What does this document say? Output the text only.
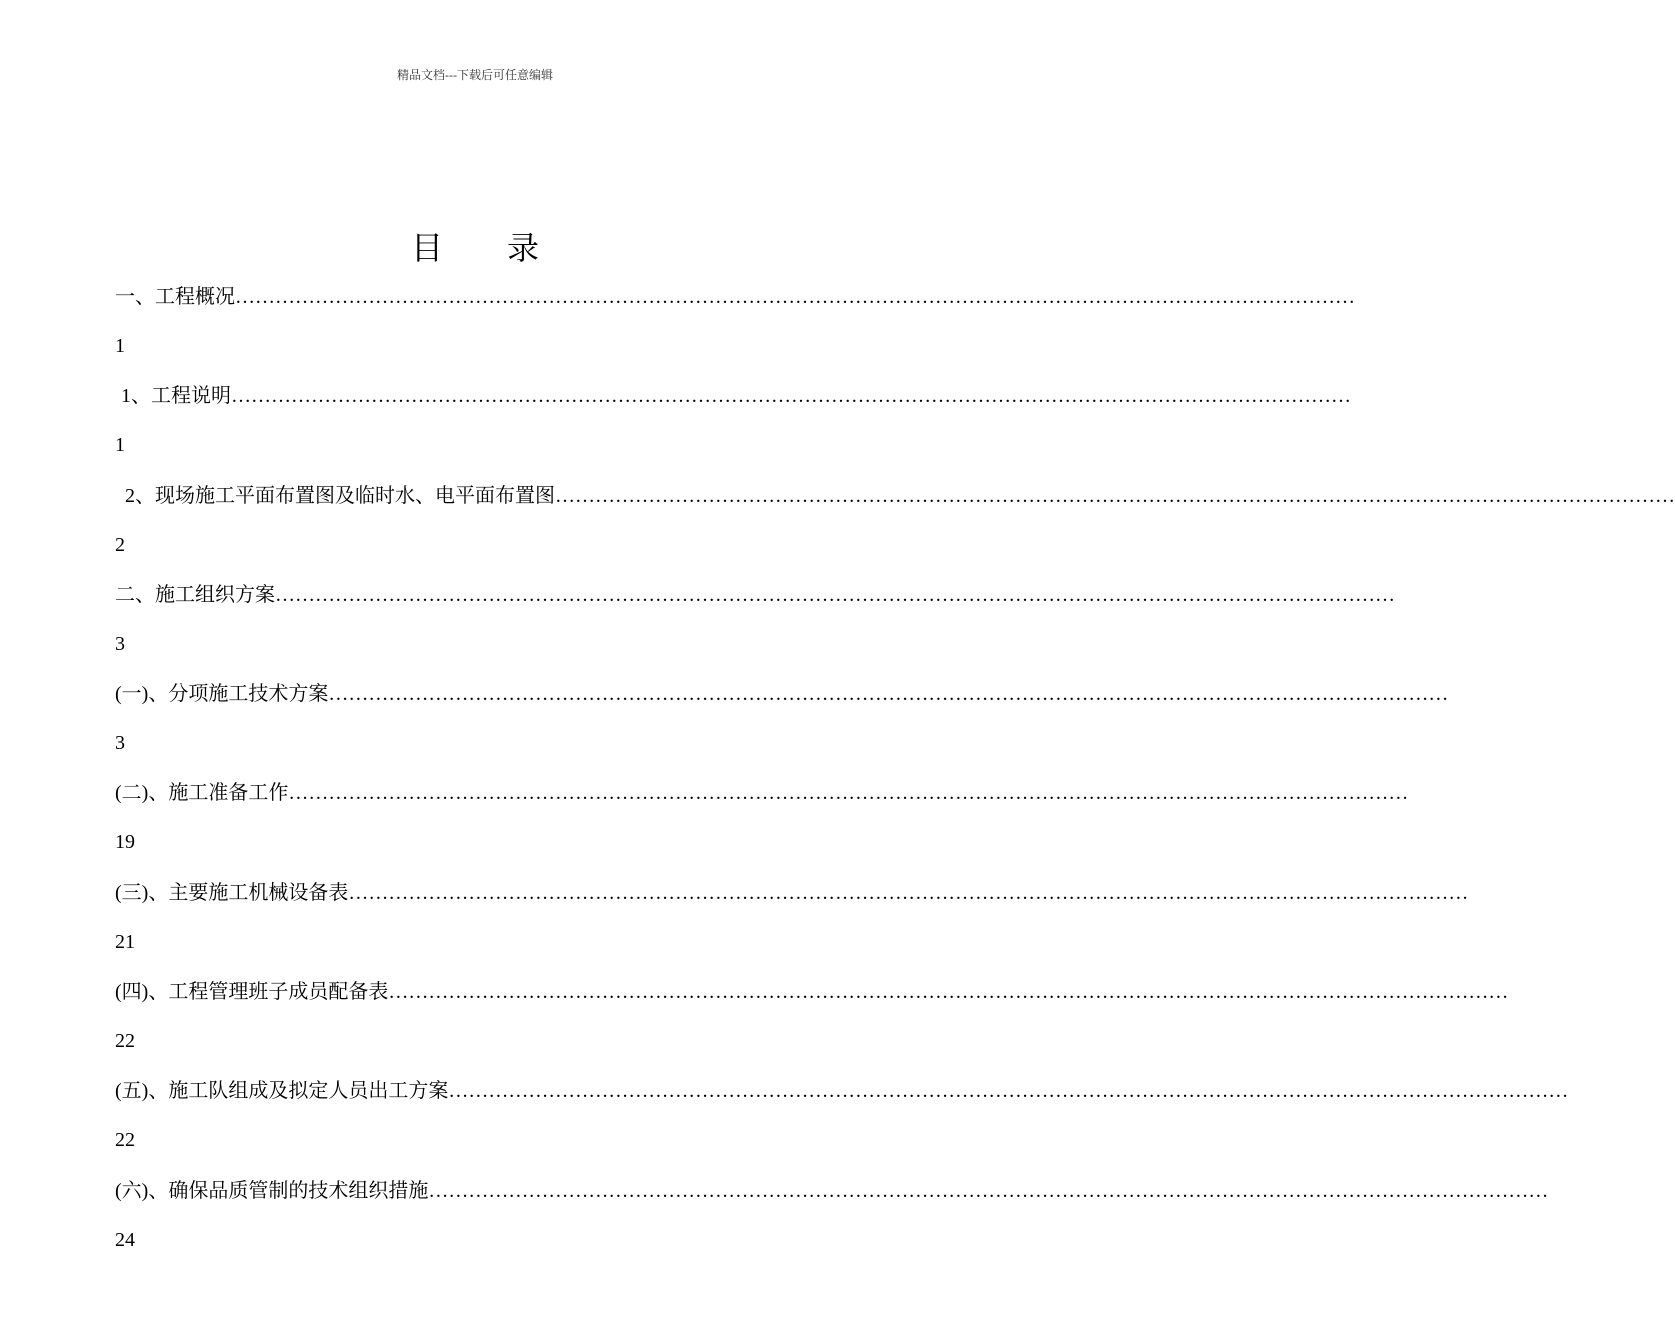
精品文档---下载后可任意编辑
目录
一、工程概况 ……………………………………………………………………………………………………………………………………………………
1
1、工程说明 ……………………………………………………………………………………………………………………………………………………
1
2、现场施工平面布置图及临时水、电平面布置图 ……………………………………………………………………………………………………………………………………………………
2
二、施工组织方案 ……………………………………………………………………………………………………………………………………………………
3
(一)、分项施工技术方案 ……………………………………………………………………………………………………………………………………………………
3
(二)、施工准备工作 ……………………………………………………………………………………………………………………………………………………
19
(三)、主要施工机械设备表 ……………………………………………………………………………………………………………………………………………………
21
(四)、工程管理班子成员配备表 ……………………………………………………………………………………………………………………………………………………
22
(五)、施工队组成及拟定人员出工方案 ……………………………………………………………………………………………………………………………………………………
22
(六)、确保品质管制的技术组织措施 ……………………………………………………………………………………………………………………………………………………
24
